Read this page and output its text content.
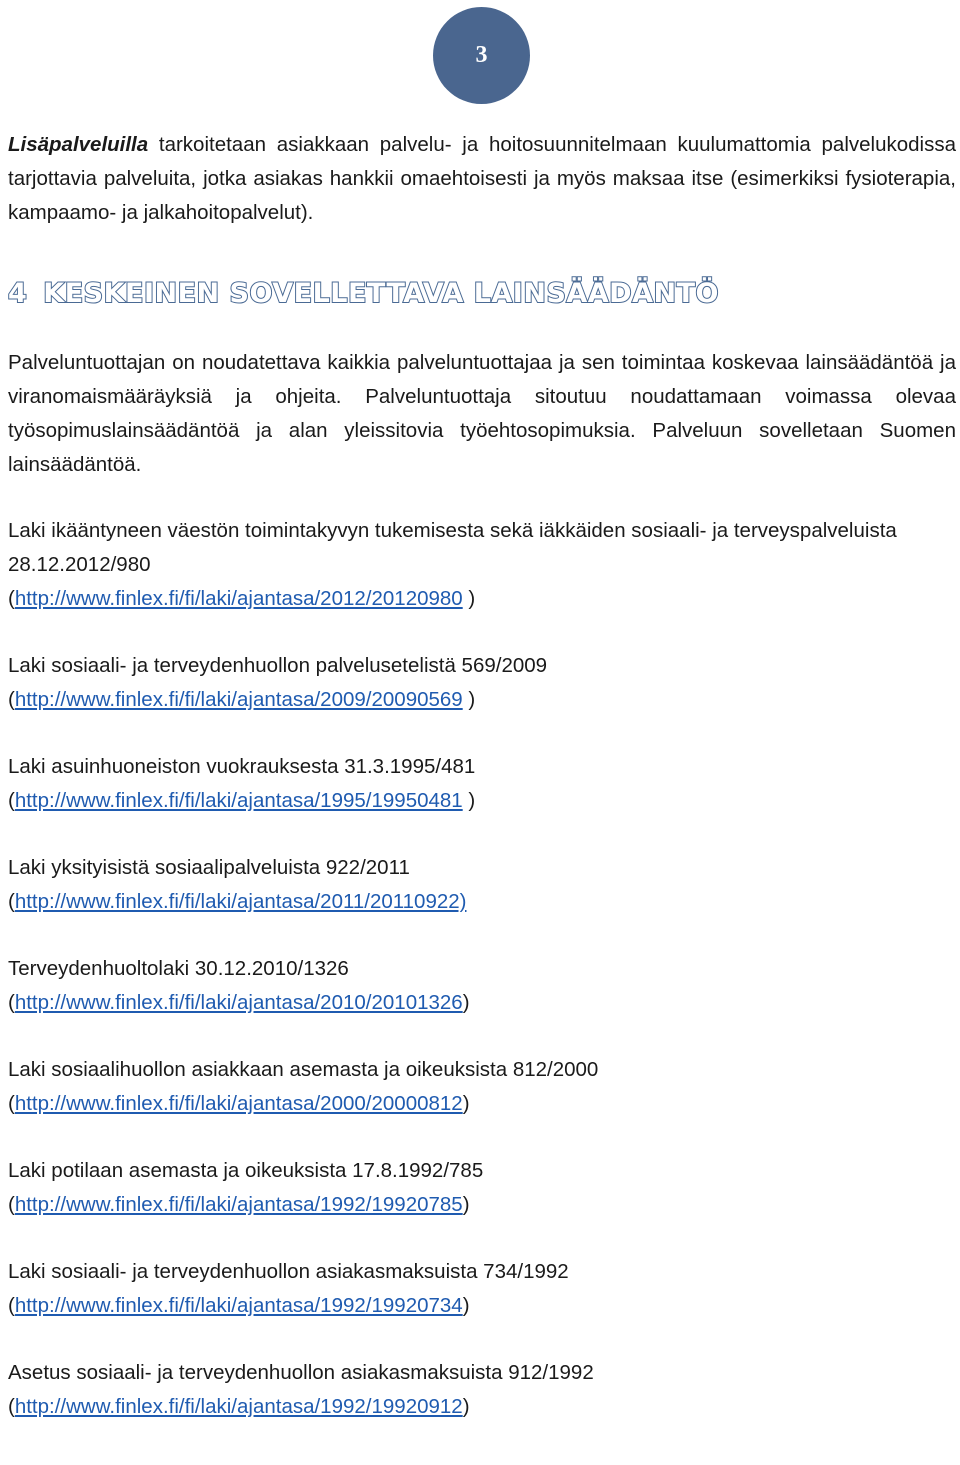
3

Lisäpalveluilla tarkoitetaan asiakkaan palvelu- ja hoitosuunnitelmaan kuulumattomia palvelukodissa tarjottavia palveluita, jotka asiakas hankkii omaehtoisesti ja myös maksaa itse (esimerkiksi fysioterapia, kampaamo- ja jalkahoitopalvelut).

4 KESKEINEN SOVELLETTAVA LAINSÄÄDÄNTÖ

Palveluntuottajan on noudatettava kaikkia palveluntuottajaa ja sen toimintaa koskevaa lainsäädäntöä ja viranomaismääräyksiä ja ohjeita. Palveluntuottaja sitoutuu noudattamaan voimassa olevaa työsopimuslainsäädäntöä ja alan yleissitovia työehtosopimuksia. Palveluun sovelletaan Suomen lainsäädäntöä.

Laki ikääntyneen väestön toimintakyvyn tukemisesta sekä iäkkäiden sosiaali- ja terveyspalveluista 28.12.2012/980
(http://www.finlex.fi/fi/laki/ajantasa/2012/20120980 )

Laki sosiaali- ja terveydenhuollon palvelusetelistä 569/2009
(http://www.finlex.fi/fi/laki/ajantasa/2009/20090569 )

Laki asuinhuoneiston vuokrauksesta 31.3.1995/481
(http://www.finlex.fi/fi/laki/ajantasa/1995/19950481 )

Laki yksityisistä sosiaalipalveluista 922/2011
(http://www.finlex.fi/fi/laki/ajantasa/2011/20110922)

Terveydenhuoltolaki 30.12.2010/1326
(http://www.finlex.fi/fi/laki/ajantasa/2010/20101326)

Laki sosiaalihuollon asiakkaan asemasta ja oikeuksista 812/2000
(http://www.finlex.fi/fi/laki/ajantasa/2000/20000812)

Laki potilaan asemasta ja oikeuksista 17.8.1992/785
(http://www.finlex.fi/fi/laki/ajantasa/1992/19920785)

Laki sosiaali- ja terveydenhuollon asiakasmaksuista 734/1992
(http://www.finlex.fi/fi/laki/ajantasa/1992/19920734)

Asetus sosiaali- ja terveydenhuollon asiakasmaksuista 912/1992
(http://www.finlex.fi/fi/laki/ajantasa/1992/19920912)
